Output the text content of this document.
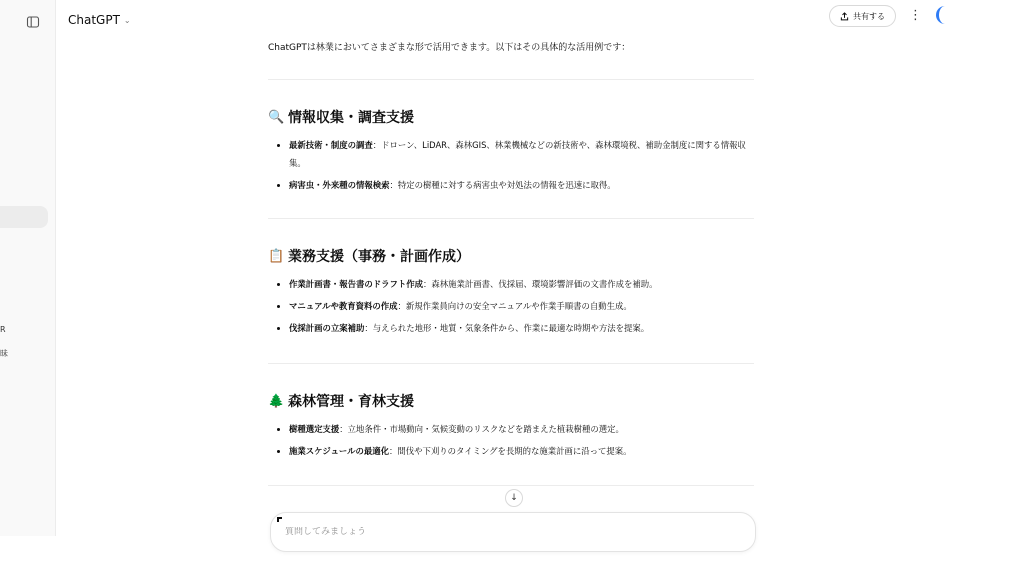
R
昧
ChatGPT ⌄	共有する ⋮
ChatGPTは林業においてさまざまな形で活用できます。以下はその具体的な活用例です：
🔍 情報収集・調査支援
最新技術・制度の調査：ドローン、LiDAR、森林GIS、林業機械などの新技術や、森林環境税、補助金制度に関する情報収集。
病害虫・外来種の情報検索：特定の樹種に対する病害虫や対処法の情報を迅速に取得。
📋 業務支援（事務・計画作成）
作業計画書・報告書のドラフト作成：森林施業計画書、伐採届、環境影響評価の文書作成を補助。
マニュアルや教育資料の作成：新規作業員向けの安全マニュアルや作業手順書の自動生成。
伐採計画の立案補助：与えられた地形・地質・気象条件から、作業に最適な時期や方法を提案。
🌲 森林管理・育林支援
樹種選定支援：立地条件・市場動向・気候変動のリスクなどを踏まえた植栽樹種の選定。
施業スケジュールの最適化：間伐や下刈りのタイミングを長期的な施業計画に沿って提案。
↓
質問してみましょう
